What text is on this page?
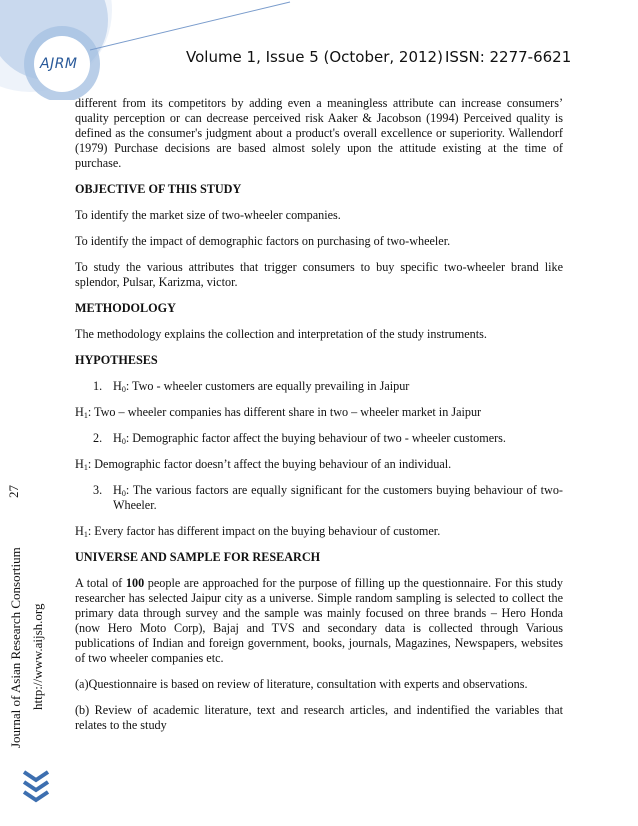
AJRM	Volume 1, Issue 5 (October, 2012) ISSN: 2277-6621

different from its competitors by adding even a meaningless attribute can increase consumers’ quality perception or can decrease perceived risk Aaker & Jacobson (1994) Perceived quality is defined as the consumer's judgment about a product's overall excellence or superiority. Wallendorf (1979) Purchase decisions are based almost solely upon the attitude existing at the time of purchase.

OBJECTIVE OF THIS STUDY

To identify the market size of two-wheeler companies.

To identify the impact of demographic factors on purchasing of two-wheeler.

To study the various attributes that trigger consumers to buy specific two-wheeler brand like splendor, Pulsar, Karizma, victor.

METHODOLOGY

The methodology explains the collection and interpretation of the study instruments.

HYPOTHESES
1. $H_0$: Two - wheeler customers are equally prevailing in Jaipur

$H_1$: Two – wheeler companies has different share in two – wheeler market in Jaipur

2. $H_0$: Demographic factor affect the buying behaviour of two - wheeler customers.

$H_1$: Demographic factor doesn’t affect the buying behaviour of an individual.

3. $H_0$: The various factors are equally significant for the customers buying behaviour of two-Wheeler.

$H_1$: Every factor has different impact on the buying behaviour of customer.

UNIVERSE AND SAMPLE FOR RESEARCH

A total of 100 people are approached for the purpose of filling up the questionnaire. For this study researcher has selected Jaipur city as a universe. Simple random sampling is selected to collect the primary data through survey and the sample was mainly focused on three brands – Hero Honda (now Hero Moto Corp), Bajaj and TVS and secondary data is collected through Various publications of Indian and foreign government, books, journals, Magazines, Newspapers, websites of two wheeler companies etc.

(a)Questionnaire is based on review of literature, consultation with experts and observations.

(b) Review of academic literature, text and research articles, and indentified the variables that relates to the study

27
Journal of Asian Research Consortium http://www.aijsh.org
